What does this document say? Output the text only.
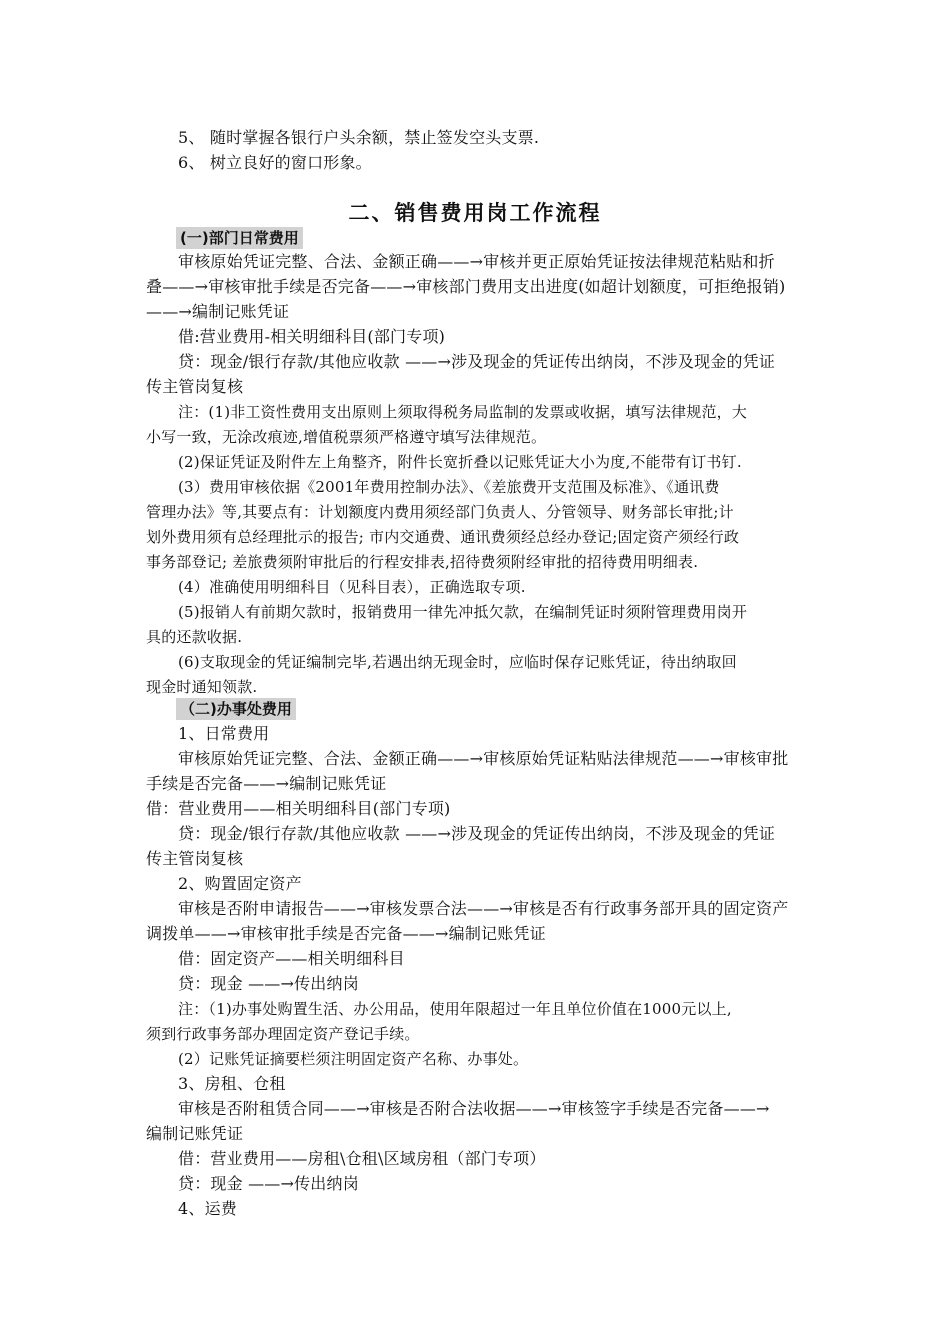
5、 随时掌握各银行户头余额，禁止签发空头支票.
6、 树立良好的窗口形象。
二、销售费用岗工作流程
(一)部门日常费用
审核原始凭证完整、合法、金额正确——→审核并更正原始凭证按法律规范粘贴和折
叠——→审核审批手续是否完备——→审核部门费用支出进度(如超计划额度，可拒绝报销)
——→编制记账凭证
借:营业费用-相关明细科目(部门专项)
贷：现金/银行存款/其他应收款 ——→涉及现金的凭证传出纳岗，不涉及现金的凭证
传主管岗复核
注：(1)非工资性费用支出原则上须取得税务局监制的发票或收据，填写法律规范，大
小写一致，无涂改痕迹,增值税票须严格遵守填写法律规范。
(2)保证凭证及附件左上角整齐，附件长宽折叠以记账凭证大小为度,不能带有订书钉.
(3）费用审核依据《2001年费用控制办法》、《差旅费开支范围及标准》、《通讯费
管理办法》等,其要点有：计划额度内费用须经部门负责人、分管领导、财务部长审批;计
划外费用须有总经理批示的报告; 市内交通费、通讯费须经总经办登记;固定资产须经行政
事务部登记; 差旅费须附审批后的行程安排表,招待费须附经审批的招待费用明细表.
(4）准确使用明细科目（见科目表），正确选取专项.
(5)报销人有前期欠款时，报销费用一律先冲抵欠款，在编制凭证时须附管理费用岗开
具的还款收据.
(6)支取现金的凭证编制完毕,若遇出纳无现金时，应临时保存记账凭证，待出纳取回
现金时通知领款.
（二)办事处费用
1、日常费用
审核原始凭证完整、合法、金额正确——→审核原始凭证粘贴法律规范——→审核审批
手续是否完备——→编制记账凭证
借：营业费用——相关明细科目(部门专项)
贷：现金/银行存款/其他应收款 ——→涉及现金的凭证传出纳岗，不涉及现金的凭证
传主管岗复核
2、购置固定资产
审核是否附申请报告——→审核发票合法——→审核是否有行政事务部开具的固定资产
调拨单——→审核审批手续是否完备——→编制记账凭证
借：固定资产——相关明细科目
贷：现金 ——→传出纳岗
注：（1)办事处购置生活、办公用品，使用年限超过一年且单位价值在1000元以上,
须到行政事务部办理固定资产登记手续。
(2）记账凭证摘要栏须注明固定资产名称、办事处。
3、房租、仓租
审核是否附租赁合同——→审核是否附合法收据——→审核签字手续是否完备——→
编制记账凭证
借：营业费用——房租\仓租\区域房租（部门专项）
贷：现金 ——→传出纳岗
4、运费
